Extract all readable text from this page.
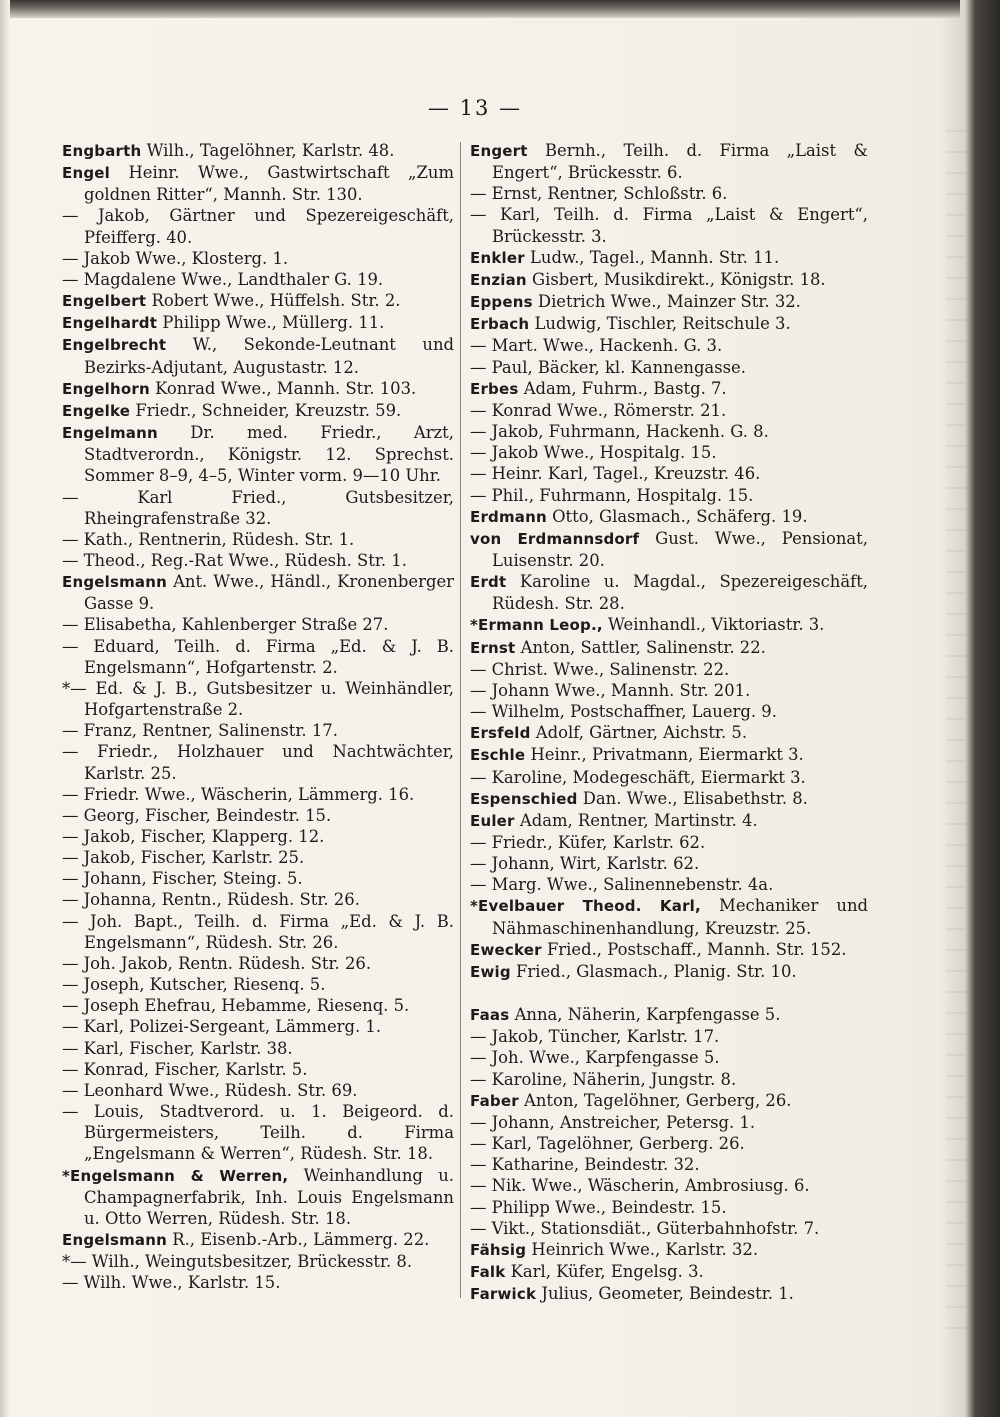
— 13 —

Engbarth Wilh., Tagelöhner, Karlstr. 48.

Engel Heinr. Wwe., Gastwirtschaft „Zum goldnen Ritter“, Mannh. Str. 130.

— Jakob, Gärtner und Spezereigeschäft, Pfeifferg. 40.

— Jakob Wwe., Klosterg. 1.

— Magdalene Wwe., Landthaler G. 19.

Engelbert Robert Wwe., Hüffelsh. Str. 2.

Engelhardt Philipp Wwe., Müllerg. 11.

Engelbrecht W., Sekonde-Leutnant und Bezirks-Adjutant, Augustastr. 12.

Engelhorn Konrad Wwe., Mannh. Str. 103.

Engelke Friedr., Schneider, Kreuzstr. 59.

Engelmann Dr. med. Friedr., Arzt, Stadtverordn., Königstr. 12. Sprechst. Sommer 8–9, 4–5, Winter vorm. 9—10 Uhr.

— Karl Fried., Gutsbesitzer, Rheingrafenstraße 32.

— Kath., Rentnerin, Rüdesh. Str. 1.

— Theod., Reg.-Rat Wwe., Rüdesh. Str. 1.

Engelsmann Ant. Wwe., Händl., Kronenberger Gasse 9.

— Elisabetha, Kahlenberger Straße 27.

— Eduard, Teilh. d. Firma „Ed. & J. B. Engelsmann“, Hofgartenstr. 2.

*— Ed. & J. B., Gutsbesitzer u. Weinhändler, Hofgartenstraße 2.

— Franz, Rentner, Salinenstr. 17.

— Friedr., Holzhauer und Nachtwächter, Karlstr. 25.

— Friedr. Wwe., Wäscherin, Lämmerg. 16.

— Georg, Fischer, Beindestr. 15.

— Jakob, Fischer, Klapperg. 12.

— Jakob, Fischer, Karlstr. 25.

— Johann, Fischer, Steing. 5.

— Johanna, Rentn., Rüdesh. Str. 26.

— Joh. Bapt., Teilh. d. Firma „Ed. & J. B. Engelsmann“, Rüdesh. Str. 26.

— Joh. Jakob, Rentn. Rüdesh. Str. 26.

— Joseph, Kutscher, Riesenq. 5.

— Joseph Ehefrau, Hebamme, Riesenq. 5.

— Karl, Polizei-Sergeant, Lämmerg. 1.

— Karl, Fischer, Karlstr. 38.

— Konrad, Fischer, Karlstr. 5.

— Leonhard Wwe., Rüdesh. Str. 69.

— Louis, Stadtverord. u. 1. Beigeord. d. Bürgermeisters, Teilh. d. Firma „Engelsmann & Werren“, Rüdesh. Str. 18.

*Engelsmann & Werren, Weinhandlung u. Champagnerfabrik, Inh. Louis Engelsmann u. Otto Werren, Rüdesh. Str. 18.

Engelsmann R., Eisenb.-Arb., Lämmerg. 22.

*— Wilh., Weingutsbesitzer, Brückesstr. 8.

— Wilh. Wwe., Karlstr. 15.

Engert Bernh., Teilh. d. Firma „Laist & Engert“, Brückesstr. 6.

— Ernst, Rentner, Schloßstr. 6.

— Karl, Teilh. d. Firma „Laist & Engert“, Brückesstr. 3.

Enkler Ludw., Tagel., Mannh. Str. 11.

Enzian Gisbert, Musikdirekt., Königstr. 18.

Eppens Dietrich Wwe., Mainzer Str. 32.

Erbach Ludwig, Tischler, Reitschule 3.

— Mart. Wwe., Hackenh. G. 3.

— Paul, Bäcker, kl. Kannengasse.

Erbes Adam, Fuhrm., Bastg. 7.

— Konrad Wwe., Römerstr. 21.

— Jakob, Fuhrmann, Hackenh. G. 8.

— Jakob Wwe., Hospitalg. 15.

— Heinr. Karl, Tagel., Kreuzstr. 46.

— Phil., Fuhrmann, Hospitalg. 15.

Erdmann Otto, Glasmach., Schäferg. 19.

von Erdmannsdorf Gust. Wwe., Pensionat, Luisenstr. 20.

Erdt Karoline u. Magdal., Spezereigeschäft, Rüdesh. Str. 28.

*Ermann Leop., Weinhandl., Viktoriastr. 3.

Ernst Anton, Sattler, Salinenstr. 22.

— Christ. Wwe., Salinenstr. 22.

— Johann Wwe., Mannh. Str. 201.

— Wilhelm, Postschaffner, Lauerg. 9.

Ersfeld Adolf, Gärtner, Aichstr. 5.

Eschle Heinr., Privatmann, Eiermarkt 3.

— Karoline, Modegeschäft, Eiermarkt 3.

Espenschied Dan. Wwe., Elisabethstr. 8.

Euler Adam, Rentner, Martinstr. 4.

— Friedr., Küfer, Karlstr. 62.

— Johann, Wirt, Karlstr. 62.

— Marg. Wwe., Salinennebenstr. 4a.

*Evelbauer Theod. Karl, Mechaniker und Nähmaschinenhandlung, Kreuzstr. 25.

Ewecker Fried., Postschaff., Mannh. Str. 152.

Ewig Fried., Glasmach., Planig. Str. 10.

Faas Anna, Näherin, Karpfengasse 5.

— Jakob, Tüncher, Karlstr. 17.

— Joh. Wwe., Karpfengasse 5.

— Karoline, Näherin, Jungstr. 8.

Faber Anton, Tagelöhner, Gerberg, 26.

— Johann, Anstreicher, Petersg. 1.

— Karl, Tagelöhner, Gerberg. 26.

— Katharine, Beindestr. 32.

— Nik. Wwe., Wäscherin, Ambrosiusg. 6.

— Philipp Wwe., Beindestr. 15.

— Vikt., Stationsdiät., Güterbahnhofstr. 7.

Fähsig Heinrich Wwe., Karlstr. 32.

Falk Karl, Küfer, Engelsg. 3.

Farwick Julius, Geometer, Beindestr. 1.
